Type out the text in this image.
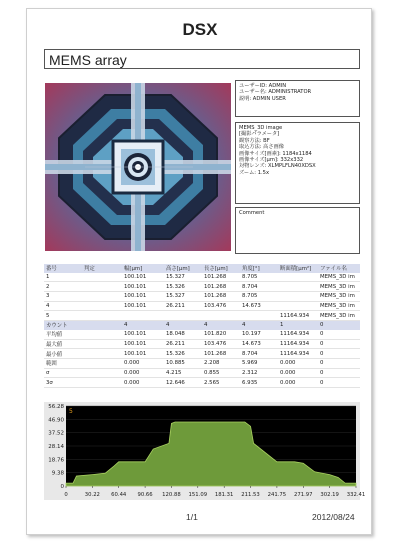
DSX
MEMS array
ユーザーID: ADMIN
ユーザー名: ADMINISTRATOR
説明: ADMIN USER
MEMS_3D image
[撮影パラメータ]
観察方法: BF
取込方法: 高さ画像
画像サイズ[画素]: 1184x1184
画像サイズ[μm]: 332x332
対物レンズ: XLMPLFLN40XDSX
ズーム: 1.5x
Comment
番号	判定	幅[μm]	高さ[μm]	長さ[μm]	角度[°]	断面積[μm²]	ファイル名
1		100.101	15.327	101.268	8.705		MEMS_3D im
2		100.101	15.326	101.268	8.704		MEMS_3D im
3		100.101	15.327	101.268	8.705		MEMS_3D im
4		100.101	26.211	103.476	14.673		MEMS_3D im
5						11164.934	MEMS_3D im
カウント		4	4	4	4	1	0
平均値		100.101	18.048	101.820	10.197	11164.934	0
最大値		100.101	26.211	103.476	14.673	11164.934	0
最小値		100.101	15.326	101.268	8.704	11164.934	0
範囲		0.000	10.885	2.208	5.969	0.000	0
σ		0.000	4.215	0.855	2.312	0.000	0
3σ		0.000	12.646	2.565	6.935	0.000	0
56.28
46.90
37.52
28.14
18.76
9.38
0
5
0	30.22 60.44 90.66 120.88 151.09 181.31 211.53 241.75 271.97 302.19 332.41
1/1	2012/08/24
